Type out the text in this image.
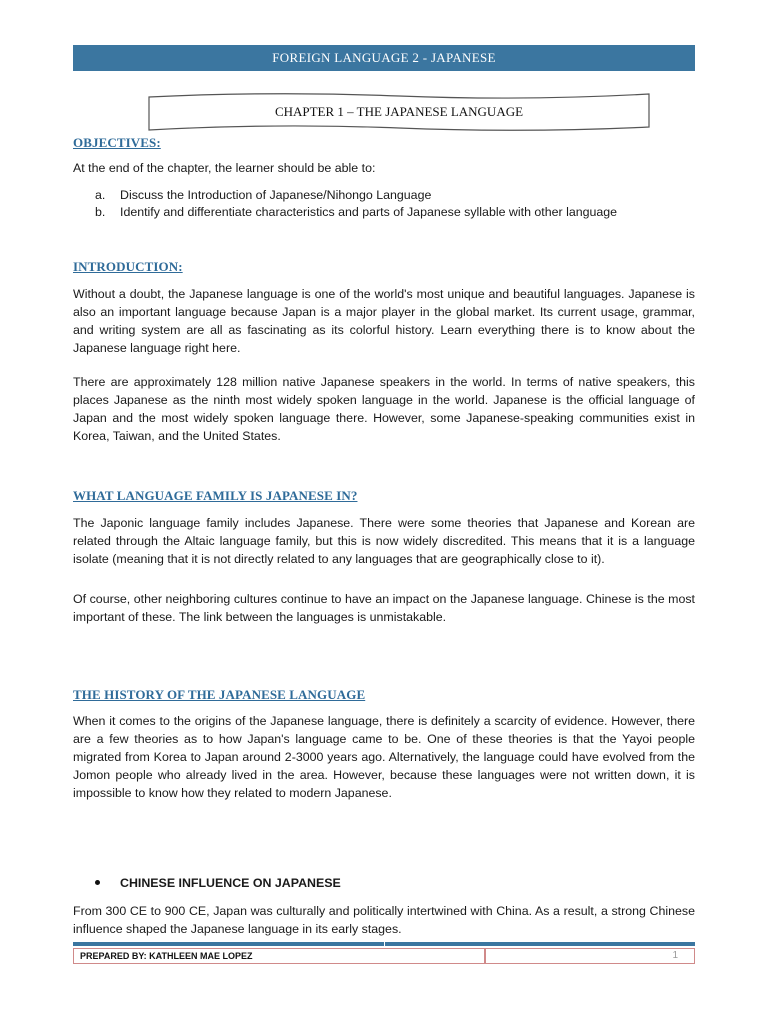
FOREIGN LANGUAGE 2 - JAPANESE
CHAPTER 1 – THE JAPANESE LANGUAGE
OBJECTIVES:
At the end of the chapter, the learner should be able to:
a. Discuss the Introduction of Japanese/Nihongo Language
b. Identify and differentiate characteristics and parts of Japanese syllable with other language
INTRODUCTION:
Without a doubt, the Japanese language is one of the world's most unique and beautiful languages. Japanese is also an important language because Japan is a major player in the global market. Its current usage, grammar, and writing system are all as fascinating as its colorful history. Learn everything there is to know about the Japanese language right here.
There are approximately 128 million native Japanese speakers in the world. In terms of native speakers, this places Japanese as the ninth most widely spoken language in the world. Japanese is the official language of Japan and the most widely spoken language there. However, some Japanese-speaking communities exist in Korea, Taiwan, and the United States.
WHAT LANGUAGE FAMILY IS JAPANESE IN?
The Japonic language family includes Japanese. There were some theories that Japanese and Korean are related through the Altaic language family, but this is now widely discredited. This means that it is a language isolate (meaning that it is not directly related to any languages that are geographically close to it).
Of course, other neighboring cultures continue to have an impact on the Japanese language. Chinese is the most important of these. The link between the languages is unmistakable.
THE HISTORY OF THE JAPANESE LANGUAGE
When it comes to the origins of the Japanese language, there is definitely a scarcity of evidence. However, there are a few theories as to how Japan's language came to be. One of these theories is that the Yayoi people migrated from Korea to Japan around 2-3000 years ago. Alternatively, the language could have evolved from the Jomon people who already lived in the area. However, because these languages were not written down, it is impossible to know how they related to modern Japanese.
CHINESE INFLUENCE ON JAPANESE
From 300 CE to 900 CE, Japan was culturally and politically intertwined with China. As a result, a strong Chinese influence shaped the Japanese language in its early stages.
PREPARED BY: KATHLEEN MAE LOPEZ	1
